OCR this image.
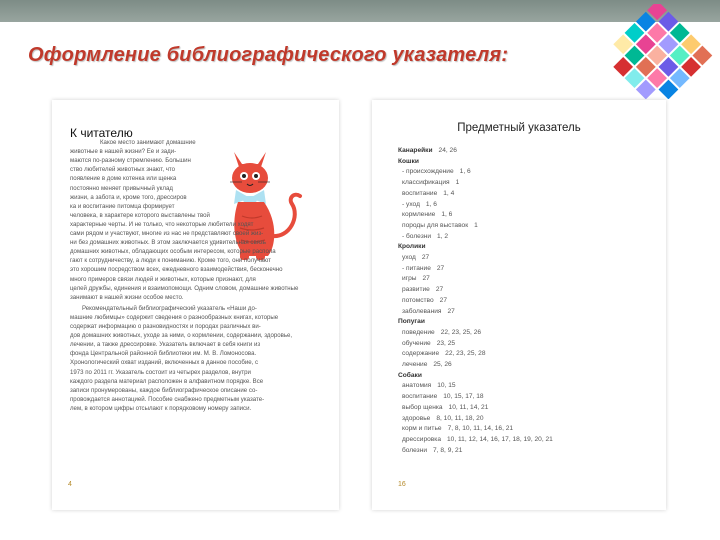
Оформление библиографического указателя:
К читателю
Какое место занимают домашние
животные в нашей жизни? Ее и зади-
маются по-разному стремлению. Большин
ство любителей животных знают, что
появление в доме котенка или щенка
постоянно меняет привычный уклад
жизни, а забота и, кроме того, дрессиров
ка и воспитание питомца формирует
человека, в характере которого выставлены твой
характерные черты. И не только, что некоторые любители ходят
сами рядом и участвуют, многие из нас не представляют своей жиз-
ни без домашних животных. В этом заключается удивительная связь
домашних животных, обладающих особым интересом, которые распола
гают к сотрудничеству, а люди к пониманию. Кроме того, они получают
это хорошим посредством всех, ежедневного взаимодействия, бесконечно
много примеров связи людей и животных, которые признают, для
целей дружбы, единения и взаимопомощи. Одним словом, домашние животные
занимают в нашей жизни особое место.
Рекомендательный библиографический указатель «Наши до-
машние любимцы» содержит сведения о разнообразных книгах, которые
содержат информацию о разновидностях и породах различных ви-
дов домашних животных, уходе за ними, о кормлении, содержании, здоровье,
лечении, а также дрессировке. Указатель включает в себя книги из
фонда Центральной районной библиотеки им. М. В. Ломоносова.
Хронологический охват изданий, включенных в данное пособие, с
1973 по 2011 гг. Указатель состоит из четырех разделов, внутри
каждого раздела материал расположен в алфавитном порядке. Все
записи пронумерованы, каждое библиографическое описание со-
провождается аннотацией. Пособие снабжено предметным указате-
лем, в котором цифры отсылают к порядковому номеру записи.
4
Предметный указатель
Канарейки 24, 26
Кошки
- происхождение 1, 6
классификация 1
воспитание 1, 4
- уход 1, 6
кормление 1, 6
породы для выставок 1
- болезни 1, 2
Кролики
уход 27
- питание 27
игры 27
развитие 27
потомство 27
заболевания 27
Попугаи
поведение 22, 23, 25, 26
обучение 23, 25
содержание 22, 23, 25, 28
лечение 25, 26
Собаки
анатомия 10, 15
воспитание 10, 15, 17, 18
выбор щенка 10, 11, 14, 21
здоровье 8, 10, 11, 18, 20
корм и питье 7, 8, 10, 11, 14, 16, 21
дрессировка 10, 11, 12, 14, 16, 17, 18, 19, 20, 21
болезни 7, 8, 9, 21
16
